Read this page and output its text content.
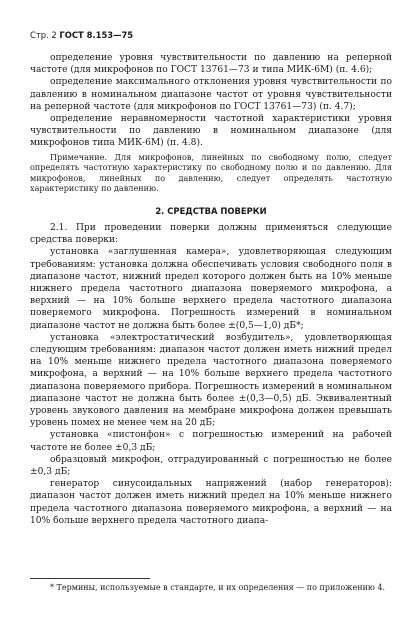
Стр. 2 ГОСТ 8.153—75

определение уровня чувствительности по давлению на реперной частоте (для микрофонов по ГОСТ 13761—73 и типа МИК-6М) (п. 4.6);

определение максимального отклонения уровня чувствительности по давлению в номинальном диапазоне частот от уровня чувствительности на реперной частоте (для микрофонов по ГОСТ 13761—73) (п. 4.7);

определение неравномерности частотной характеристики уровня чувствительности по давлению в номинальном диапазоне (для микрофонов типа МИК-6М) (п. 4.8).

Примечание. Для микрофонов, линейных по свободному полю, следует определять частотную характеристику по свободному полю и по давлению. Для микрофонов, линейных по давлению, следует определять частотную характеристику по давлению.

2. СРЕДСТВА ПОВЕРКИ

2.1. При проведении поверки должны применяться следующие средства поверки:

установка «заглушенная камера», удовлетворяющая следующим требованиям: установка должна обеспечивать условия свободного поля в диапазоне частот, нижний предел которого должен быть на 10% меньше нижнего предела частотного диапазона поверяемого микрофона, а верхний — на 10% больше верхнего предела частотного диапазона поверяемого микрофона. Погрешность измерений в номинальном диапазоне частот не должна быть более ±(0,5—1,0) дБ*;

установка «электростатический возбудитель», удовлетворяющая следующим требованиям: диапазон частот должен иметь нижний предел на 10% меньше нижнего предела частотного диапазона поверяемого микрофона, а верхний — на 10% больше верхнего предела частотного диапазона поверяемого прибора. Погрешность измерений в номинальном диапазоне частот не должна быть более ±(0,3—0,5) дБ. Эквивалентный уровень звукового давления на мембране микрофона должен превышать уровень помех не менее чем на 20 дБ;

установка «пистонфон» с погрешностью измерений на рабочей частоте не более ±0,3 дБ;

образцовый микрофон, отградуированный с погрешностью не более ±0,3 дБ;

генератор синусоидальных напряжений (набор генераторов): диапазон частот должен иметь нижний предел на 10% меньше нижнего предела частотного диапазона поверяемого микрофона, а верхний — на 10% больше верхнего предела частотного диапа-

* Термины, используемые в стандарте, и их определения — по приложению 4.
